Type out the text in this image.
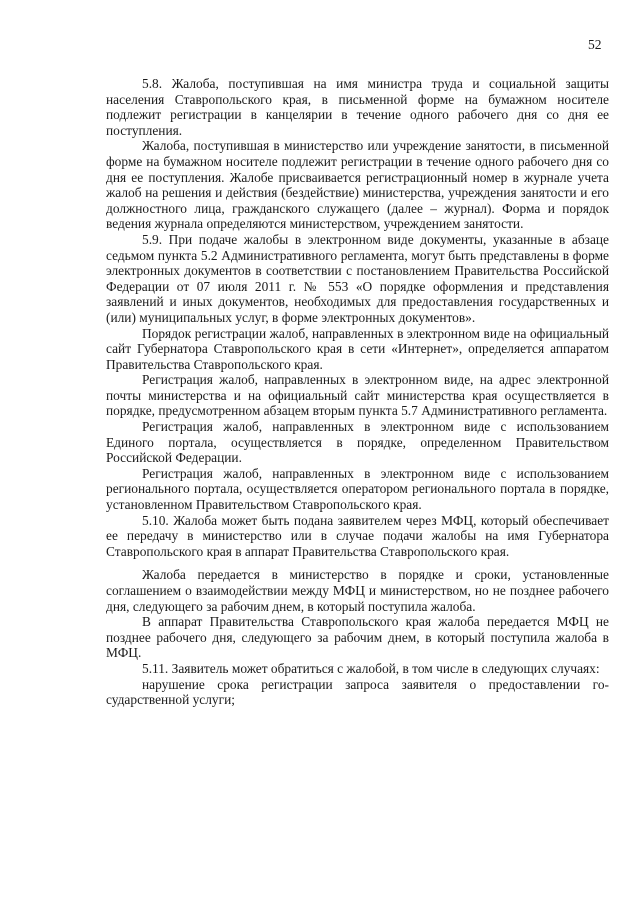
52

5.8. Жалоба, поступившая на имя министра труда и социальной защиты населения Ставропольского края, в письменной форме на бумажном носителе подлежит регистрации в канцелярии в течение одного рабочего дня со дня ее поступления.

Жалоба, поступившая в министерство или учреждение занятости, в письменной форме на бумажном носителе подлежит регистрации в течение одного рабочего дня со дня ее поступления. Жалобе присваивается регистрационный номер в журнале учета жалоб на решения и действия (бездействие) министерства, учреждения занятости и его должностного лица, гражданского служащего (далее – журнал). Форма и порядок ведения журнала определяются министерством, учреждением занятости.

5.9. При подаче жалобы в электронном виде документы, указанные в абзаце седьмом пункта 5.2 Административного регламента, могут быть представлены в форме электронных документов в соответствии с постановлением Правительства Российской Федерации от 07 июля 2011 г. № 553 «О порядке оформления и представления заявлений и иных документов, необходимых для предоставления государственных и (или) муниципальных услуг, в форме электронных документов».

Порядок регистрации жалоб, направленных в электронном виде на официальный сайт Губернатора Ставропольского края в сети «Интернет», определяется аппаратом Правительства Ставропольского края.

Регистрация жалоб, направленных в электронном виде, на адрес электронной почты министерства и на официальный сайт министерства края осуществляется в порядке, предусмотренном абзацем вторым пункта 5.7 Административного регламента.

Регистрация жалоб, направленных в электронном виде с использованием Единого портала, осуществляется в порядке, определенном Правительством Российской Федерации.

Регистрация жалоб, направленных в электронном виде с использованием регионального портала, осуществляется оператором регионального портала в порядке, установленном Правительством Ставропольского края.

5.10. Жалоба может быть подана заявителем через МФЦ, который обеспечивает ее передачу в министерство или в случае подачи жалобы на имя Губернатора Ставропольского края в аппарат Правительства Ставропольского края.

Жалоба передается в министерство в порядке и сроки, установленные соглашением о взаимодействии между МФЦ и министерством, но не позднее рабочего дня, следующего за рабочим днем, в который поступила жалоба.

В аппарат Правительства Ставропольского края жалоба передается МФЦ не позднее рабочего дня, следующего за рабочим днем, в который поступила жалоба в МФЦ.

5.11. Заявитель может обратиться с жалобой, в том числе в следующих случаях:

нарушение срока регистрации запроса заявителя о предоставлении государственной услуги;
